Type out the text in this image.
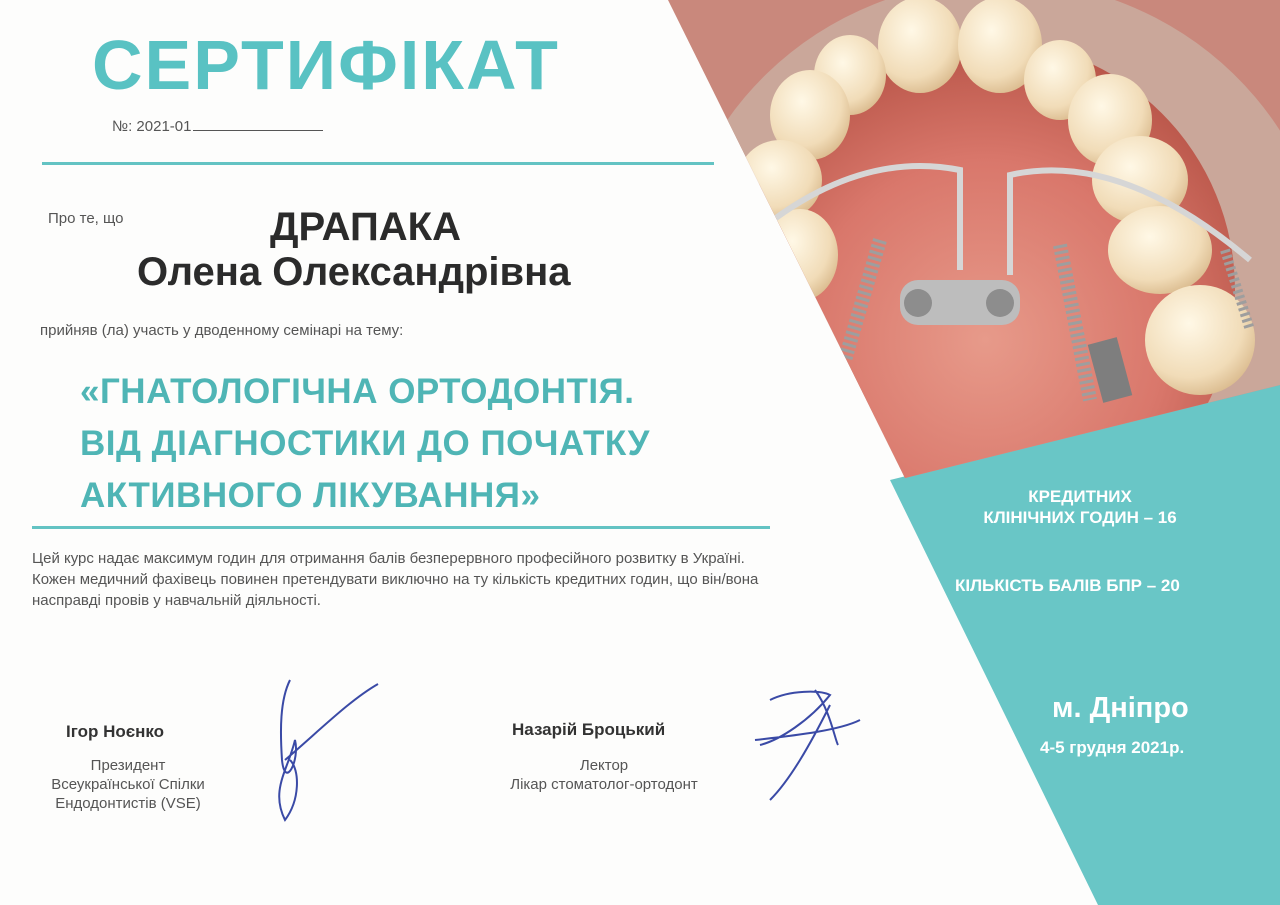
СЕРТИФІКАТ
№: 2021-01
Про те, що	ДРАПАКА
Олена Олександрівна
прийняв (ла) участь у дводенному семінарі на тему:
«ГНАТОЛОГІЧНА ОРТОДОНТІЯ.
ВІД ДІАГНОСТИКИ ДО ПОЧАТКУ
АКТИВНОГО ЛІКУВАННЯ»
Цей курс надає максимум годин для отримання балів безперервного професійного розвитку в Україні. Кожен медичний фахівець повинен претендувати виключно на ту кількість кредитних годин, що він/вона насправді провів у навчальній діяльності.
Ігор Ноєнко
Президент
Всеукраїнської Спілки
Ендодонтистів (VSE)
Назарій Броцький
Лектор
Лікар стоматолог-ортодонт
КРЕДИТНИХ
КЛІНІЧНИХ ГОДИН – 16
КІЛЬКІСТЬ БАЛІВ БПР – 20
м. Дніпро
4-5 грудня 2021р.
